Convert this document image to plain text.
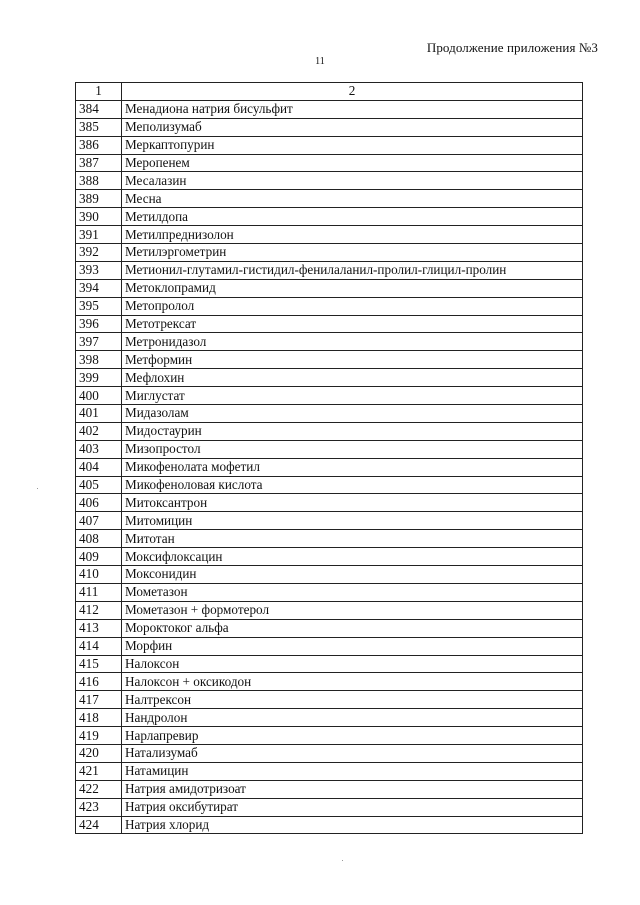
Продолжение приложения №3
11
1	2
384	Менадиона натрия бисульфит
385	Меполизумаб
386	Меркаптопурин
387	Меропенем
388	Месалазин
389	Месна
390	Метилдопа
391	Метилпреднизолон
392	Метилэргометрин
393	Метионил-глутамил-гистидил-фенилаланил-пролил-глицил-пролин
394	Метоклопрамид
395	Метопролол
396	Метотрексат
397	Метронидазол
398	Метформин
399	Мефлохин
400	Миглустат
401	Мидазолам
402	Мидостаурин
403	Мизопростол
404	Микофенолата мофетил
405	Микофеноловая кислота
406	Митоксантрон
407	Митомицин
408	Митотан
409	Моксифлоксацин
410	Моксонидин
411	Мометазон
412	Мометазон + формотерол
413	Мороктоког альфа
414	Морфин
415	Налоксон
416	Налоксон + оксикодон
417	Налтрексон
418	Нандролон
419	Нарлапревир
420	Натализумаб
421	Натамицин
422	Натрия амидотризоат
423	Натрия оксибутират
424	Натрия хлорид
